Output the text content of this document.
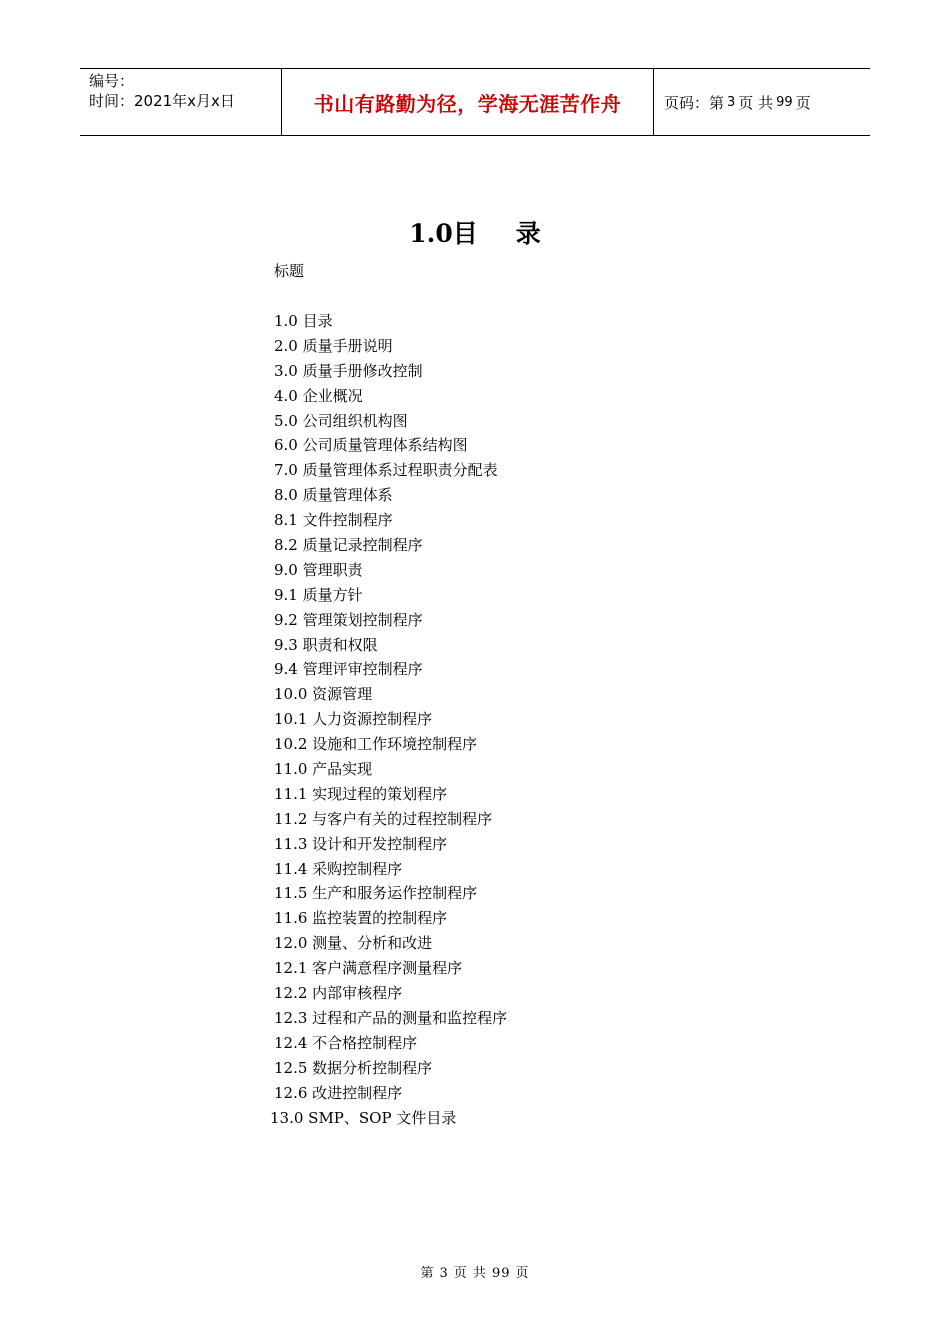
编号：
时间：2021年x月x日	书山有路勤为径，学海无涯苦作舟	页码：第 3 页 共 99 页
1.0目 录
标题
1.0 目录
2.0 质量手册说明
3.0 质量手册修改控制
4.0 企业概况
5.0 公司组织机构图
6.0 公司质量管理体系结构图
7.0 质量管理体系过程职责分配表
8.0 质量管理体系
8.1 文件控制程序
8.2 质量记录控制程序
9.0 管理职责
9.1 质量方针
9.2 管理策划控制程序
9.3 职责和权限
9.4 管理评审控制程序
10.0 资源管理
10.1 人力资源控制程序
10.2 设施和工作环境控制程序
11.0 产品实现
11.1 实现过程的策划程序
11.2 与客户有关的过程控制程序
11.3 设计和开发控制程序
11.4 采购控制程序
11.5 生产和服务运作控制程序
11.6 监控装置的控制程序
12.0 测量、分析和改进
12.1 客户满意程序测量程序
12.2 内部审核程序
12.3 过程和产品的测量和监控程序
12.4 不合格控制程序
12.5 数据分析控制程序
12.6 改进控制程序
13.0 SMP、SOP 文件目录
第 3 页 共 99 页
